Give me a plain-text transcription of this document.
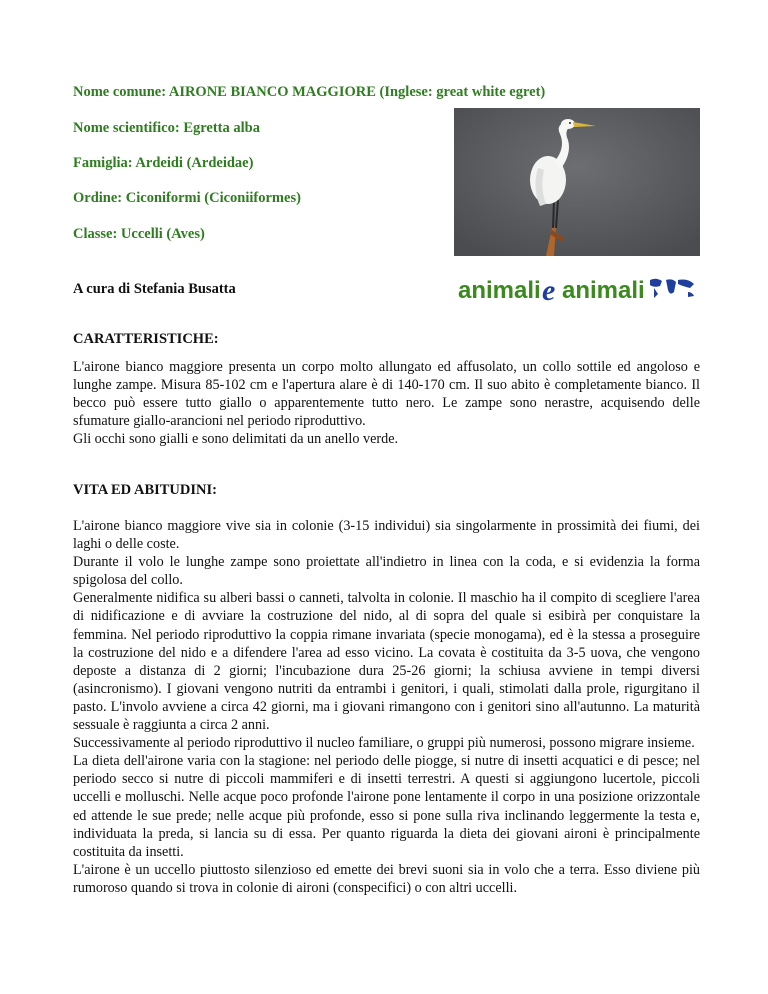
Nome comune: AIRONE BIANCO MAGGIORE (Inglese: great white egret)
Nome scientifico: Egretta alba
Famiglia: Ardeidi (Ardeidae)
Ordine: Ciconiformi (Ciconiiformes)
Classe: Uccelli (Aves)
A cura di Stefania Busatta	animali e animali
CARATTERISTICHE:

L'airone bianco maggiore presenta un corpo molto allungato ed affusolato, un collo sottile ed angoloso e lunghe zampe. Misura 85-102 cm e l'apertura alare è di 140-170 cm. Il suo abito è completamente bianco. Il becco può essere tutto giallo o apparentemente tutto nero. Le zampe sono nerastre, acquisendo delle sfumature giallo-arancioni nel periodo riproduttivo.

Gli occhi sono gialli e sono delimitati da un anello verde.

VITA ED ABITUDINI:

L'airone bianco maggiore vive sia in colonie (3-15 individui) sia singolarmente in prossimità dei fiumi, dei laghi o delle coste.

Durante il volo le lunghe zampe sono proiettate all'indietro in linea con la coda, e si evidenzia la forma spigolosa del collo.

Generalmente nidifica su alberi bassi o canneti, talvolta in colonie. Il maschio ha il compito di scegliere l'area di nidificazione e di avviare la costruzione del nido, al di sopra del quale si esibirà per conquistare la femmina. Nel periodo riproduttivo la coppia rimane invariata (specie monogama), ed è la stessa a proseguire la costruzione del nido e a difendere l'area ad esso vicino. La covata è costituita da 3-5 uova, che vengono deposte a distanza di 2 giorni; l'incubazione dura 25-26 giorni; la schiusa avviene in tempi diversi (asincronismo). I giovani vengono nutriti da entrambi i genitori, i quali, stimolati dalla prole, rigurgitano il pasto. L'involo avviene a circa 42 giorni, ma i giovani rimangono con i genitori sino all'autunno. La maturità sessuale è raggiunta a circa 2 anni.

Successivamente al periodo riproduttivo il nucleo familiare, o gruppi più numerosi, possono migrare insieme.

La dieta dell'airone varia con la stagione: nel periodo delle piogge, si nutre di insetti acquatici e di pesce; nel periodo secco si nutre di piccoli mammiferi e di insetti terrestri. A questi si aggiungono lucertole, piccoli uccelli e molluschi. Nelle acque poco profonde l'airone pone lentamente il corpo in una posizione orizzontale ed attende le sue prede; nelle acque più profonde, esso si pone sulla riva inclinando leggermente la testa e, individuata la preda, si lancia su di essa. Per quanto riguarda la dieta dei giovani aironi è principalmente costituita da insetti.

L'airone è un uccello piuttosto silenzioso ed emette dei brevi suoni sia in volo che a terra. Esso diviene più rumoroso quando si trova in colonie di aironi (conspecifici) o con altri uccelli.
